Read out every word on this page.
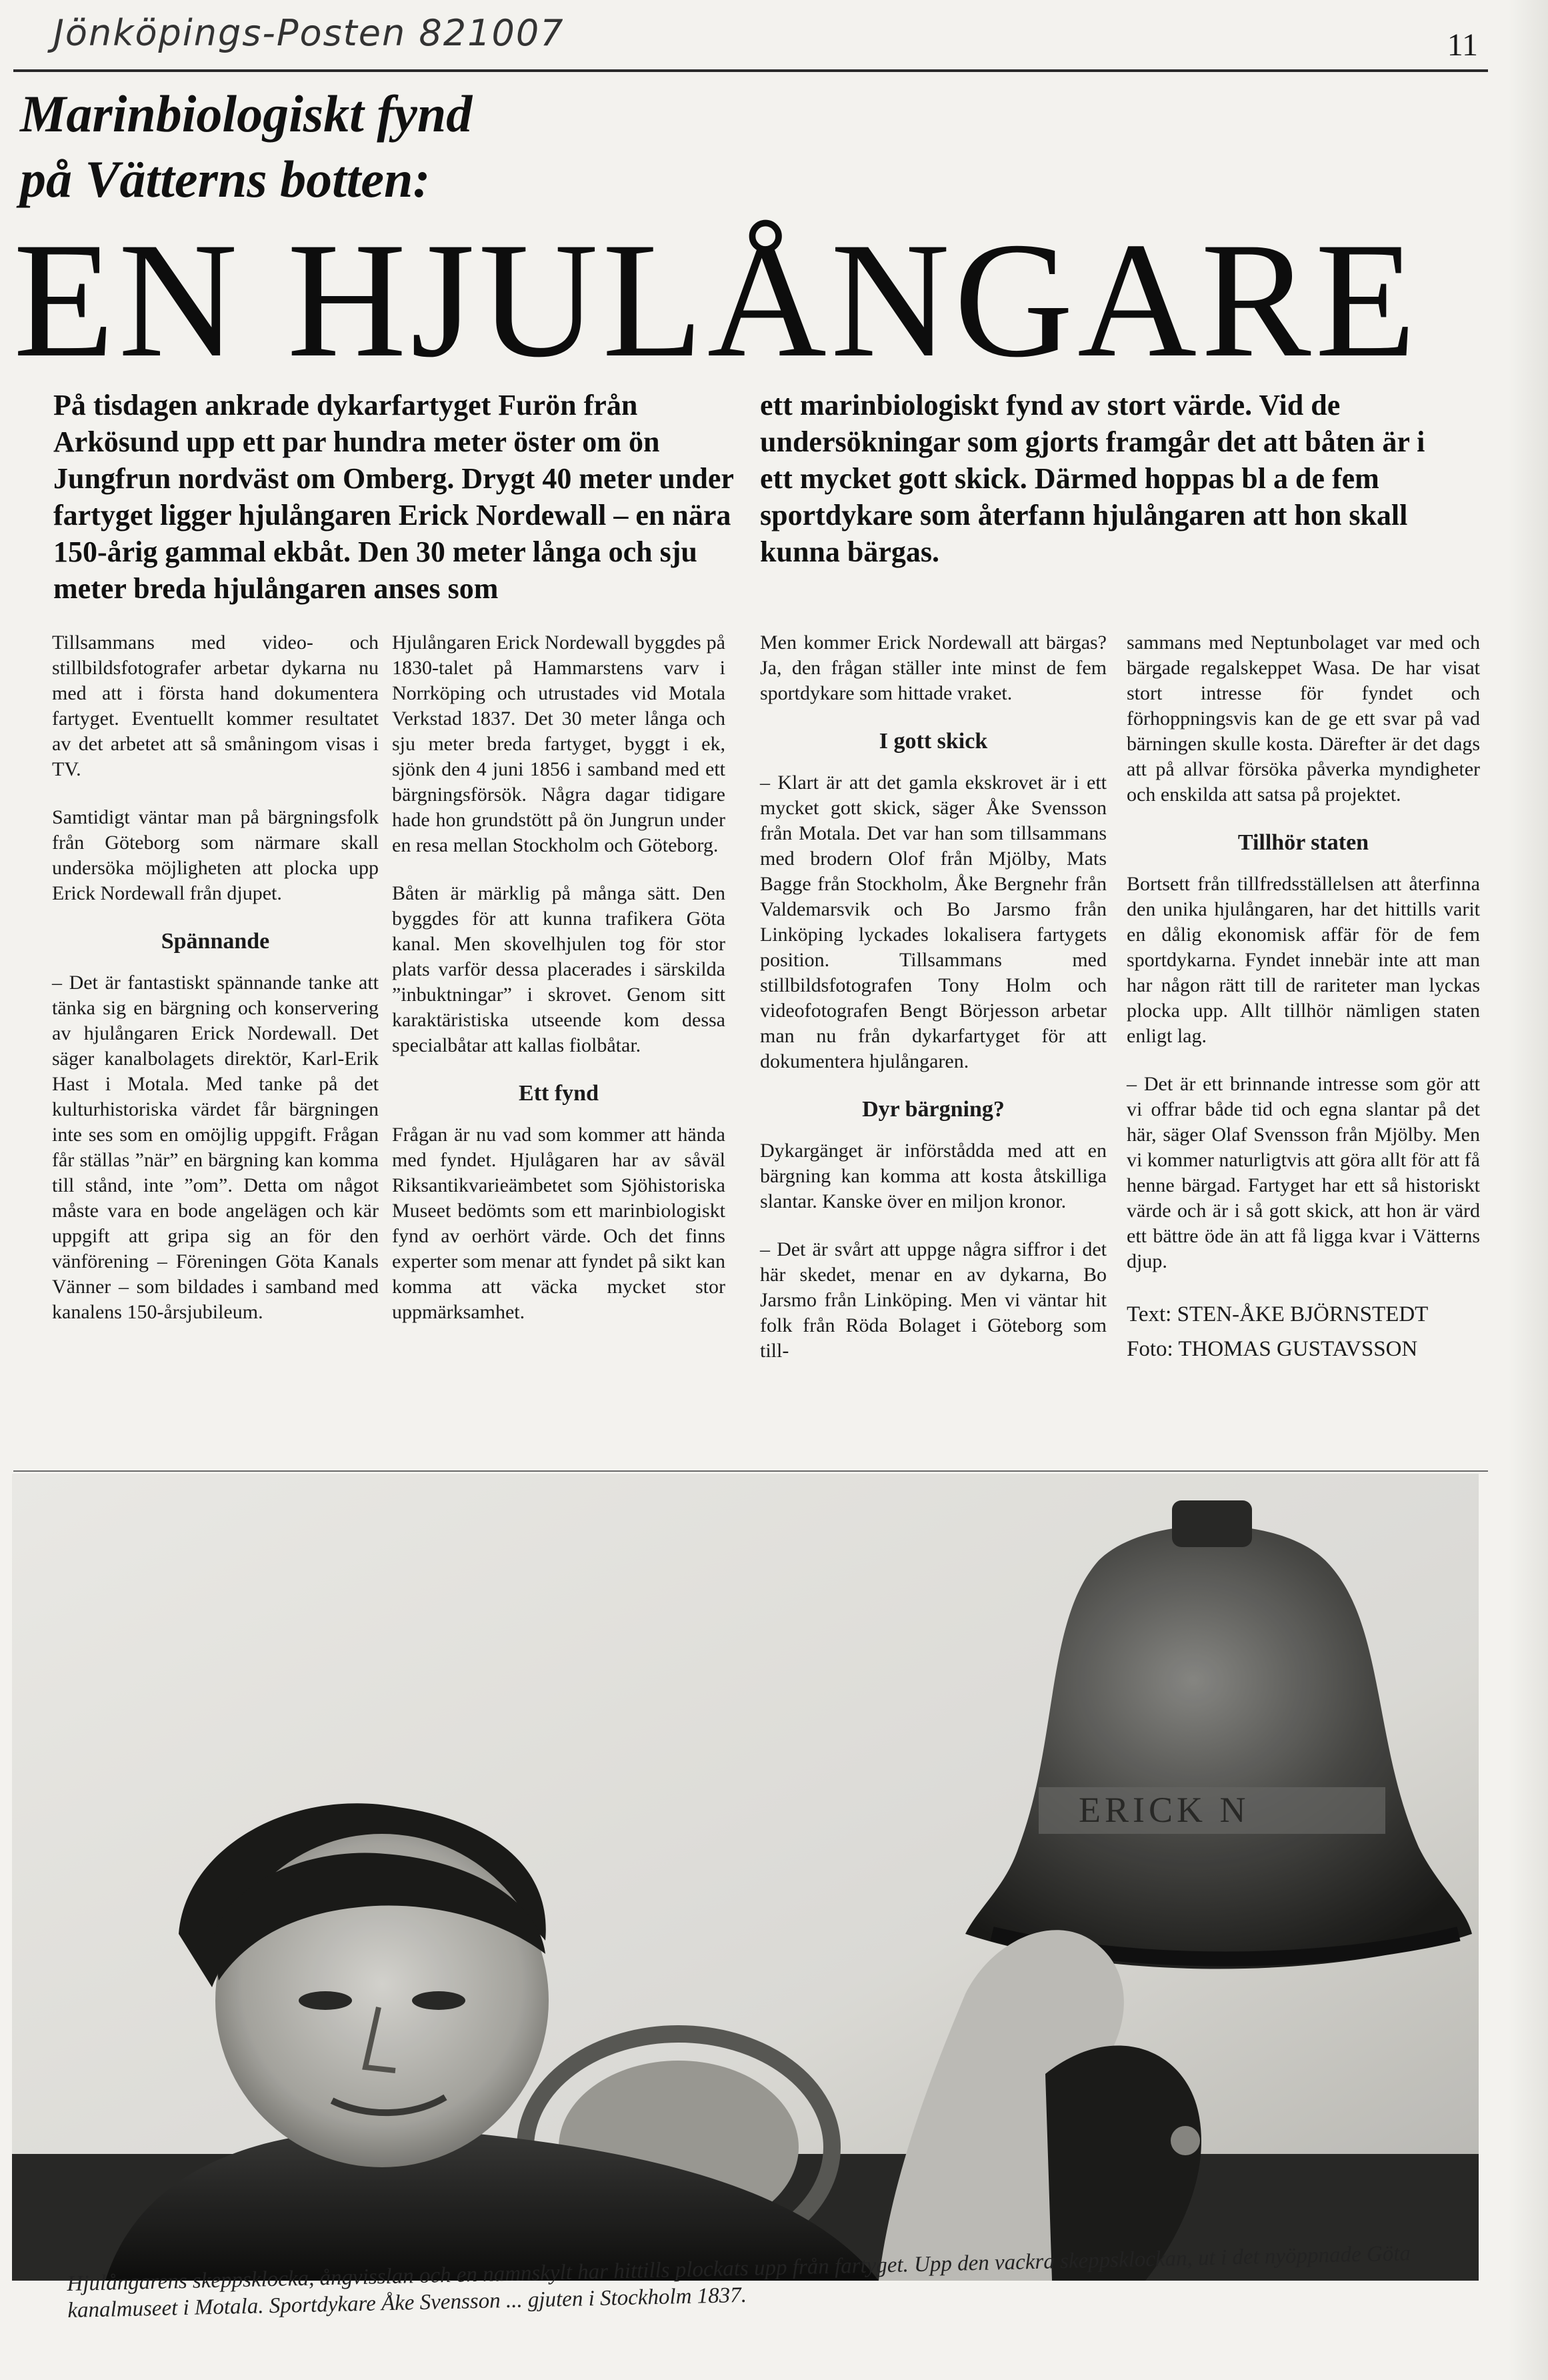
Jönköpings-Posten 821007	11
Marinbiologiskt fynd
på Vätterns botten:
EN HJULÅNGARE

På tisdagen ankrade dykarfartyget Furön från Arkösund upp ett par hundra meter öster om ön Jungfrun nordväst om Omberg. Drygt 40 meter under fartyget ligger hjulångaren Erick Nordewall – en nära 150-årig gammal ekbåt. Den 30 meter långa och sju meter breda hjulångaren anses som

ett marinbiologiskt fynd av stort värde. Vid de undersökningar som gjorts framgår det att båten är i ett mycket gott skick. Därmed hoppas bl a de fem sportdykare som återfann hjulångaren att hon skall kunna bärgas.

Tillsammans med video- och stillbildsfotografer arbetar dykarna nu med att i första hand dokumentera fartyget. Eventuellt kommer resultatet av det arbetet att så småningom visas i TV.

Samtidigt väntar man på bärgningsfolk från Göteborg som närmare skall undersöka möjligheten att plocka upp Erick Nordewall från djupet.

Spännande

– Det är fantastiskt spännande tanke att tänka sig en bärgning och konservering av hjulångaren Erick Nordewall. Det säger kanalbolagets direktör, Karl-Erik Hast i Motala. Med tanke på det kulturhistoriska värdet får bärgningen inte ses som en omöjlig uppgift. Frågan får ställas ”när” en bärgning kan komma till stånd, inte ”om”. Detta om något måste vara en bode angelägen och kär uppgift att gripa sig an för den vänförening – Föreningen Göta Kanals Vänner – som bildades i samband med kanalens 150-årsjubileum.

Hjulångaren Erick Nordewall byggdes på 1830-talet på Hammarstens varv i Norrköping och utrustades vid Motala Verkstad 1837. Det 30 meter långa och sju meter breda fartyget, byggt i ek, sjönk den 4 juni 1856 i samband med ett bärgningsförsök. Några dagar tidigare hade hon grundstött på ön Jungrun under en resa mellan Stockholm och Göteborg.

Båten är märklig på många sätt. Den byggdes för att kunna trafikera Göta kanal. Men skovelhjulen tog för stor plats varför dessa placerades i särskilda ”inbuktningar” i skrovet. Genom sitt karaktäristiska utseende kom dessa specialbåtar att kallas fiolbåtar.

Ett fynd

Frågan är nu vad som kommer att hända med fyndet. Hjulågaren har av såväl Riksantikvarieämbetet som Sjöhistoriska Museet bedömts som ett marinbiologiskt fynd av oerhört värde. Och det finns experter som menar att fyndet på sikt kan komma att väcka mycket stor uppmärksamhet.

Men kommer Erick Nordewall att bärgas? Ja, den frågan ställer inte minst de fem sportdykare som hittade vraket.

I gott skick

– Klart är att det gamla ekskrovet är i ett mycket gott skick, säger Åke Svensson från Motala. Det var han som tillsammans med brodern Olof från Mjölby, Mats Bagge från Stockholm, Åke Bergnehr från Valdemarsvik och Bo Jarsmo från Linköping lyckades lokalisera fartygets position. Tillsammans med stillbildsfotografen Tony Holm och videofotografen Bengt Börjesson arbetar man nu från dykarfartyget för att dokumentera hjulångaren.

Dyr bärgning?

Dykargänget är införstådda med att en bärgning kan komma att kosta åtskilliga slantar. Kanske över en miljon kronor.

– Det är svårt att uppge några siffror i det här skedet, menar en av dykarna, Bo Jarsmo från Linköping. Men vi väntar hit folk från Röda Bolaget i Göteborg som till-

sammans med Neptunbolaget var med och bärgade regalskeppet Wasa. De har visat stort intresse för fyndet och förhoppningsvis kan de ge ett svar på vad bärningen skulle kosta. Därefter är det dags att på allvar försöka påverka myndigheter och enskilda att satsa på projektet.

Tillhör staten

Bortsett från tillfredsställelsen att återfinna den unika hjulångaren, har det hittills varit en dålig ekonomisk affär för de fem sportdykarna. Fyndet innebär inte att man har någon rätt till de rariteter man lyckas plocka upp. Allt tillhör nämligen staten enligt lag.

– Det är ett brinnande intresse som gör att vi offrar både tid och egna slantar på det här, säger Olaf Svensson från Mjölby. Men vi kommer naturligtvis att göra allt för att få henne bärgad. Fartyget har ett så historiskt värde och är i så gott skick, att hon är värd ett bättre öde än att få ligga kvar i Vätterns djup.

Text: STEN-ÅKE BJÖRNSTEDT
Foto: THOMAS GUSTAVSSON
ERICK N
Hjulångarens skeppsklocka, ångvisslan och en namnskylt har hittills plockats upp från fartyget. Upp den vackra skeppsklockan, ut i det nyöppnade Göta kanalmuseet i Motala. Sportdykare Åke Svensson ... gjuten i Stockholm 1837.
